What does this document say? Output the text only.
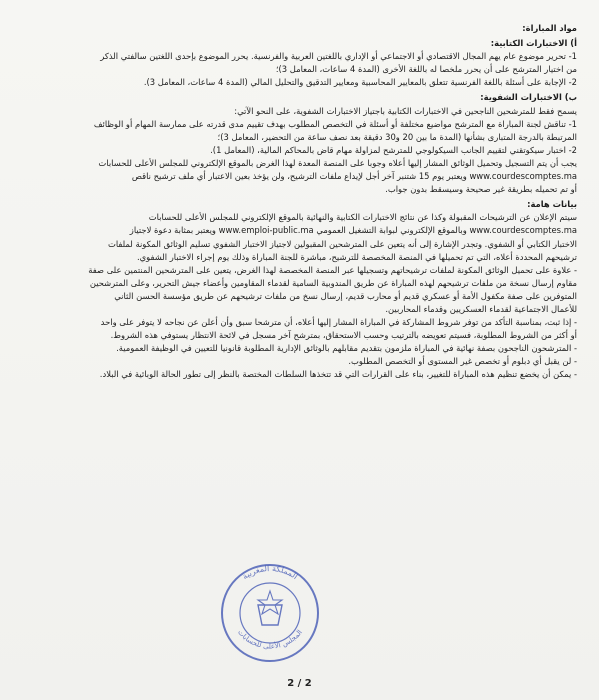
مواد المباراة:
أ) الاختبارات الكتابية:
1- تحرير موضوع عام يهم المجال الاقتصادي أو الاجتماعي أو الإداري باللغتين العربية والفرنسية. يحرر الموضوع بإحدى اللغتين سالفتي الذكر
من اختيار المترشح على أن يحرر ملخصا له باللغة الأخرى (المدة 4 ساعات، المعامل 3)؛
2- الإجابة على أسئلة باللغة الفرنسية تتعلق بالمعايير المحاسبية ومعايير التدقيق والتحليل المالي (المدة 4 ساعات، المعامل 3).
ب) الاختبارات الشفوية:
يسمح فقط للمترشحين الناجحين في الاختبارات الكتابية باجتياز الاختبارات الشفوية، على النحو الآتي:
1- تناقش لجنة المباراة مع المترشح مواضيع مختلفة أو أسئلة في التخصص المطلوب بهدف تقييم مدى قدرته على ممارسة المهام أو الوظائف
المرتبطة بالدرجة المتبارى بشأنها (المدة ما بين 20 و30 دقيقة بعد نصف ساعة من التحضير، المعامل 3)؛
2- اختبار سيكوتقني لتقييم الجانب السيكولوجي للمترشح لمزاولة مهام قاض بالمحاكم المالية، (المعامل 1).
يجب أن يتم التسجيل وتحميل الوثائق المشار إليها أعلاه وجوبا على المنصة المعدة لهذا الغرض بالموقع الإلكتروني للمجلس الأعلى للحسابات
www.courdescomptes.ma ويعتبر يوم 15 شتنبر آخر أجل لإيداع ملفات الترشيح، ولن يؤخذ بعين الاعتبار أي ملف ترشيح ناقص
أو تم تحميله بطريقة غير صحيحة وسيسقط بدون جواب.
بيانات هامة:
سيتم الإعلان عن الترشيحات المقبولة وكذا عن نتائج الاختبارات الكتابية والنهائية بالموقع الإلكتروني للمجلس الأعلى للحسابات
www.courdescomptes.ma وبالموقع الإلكتروني لبوابة التشغيل العمومي www.emploi-public.ma ويعتبر بمثابة دعوة لاجتياز
الاختبار الكتابي أو الشفوي. وتجدر الإشارة إلى أنه يتعين على المترشحين المقبولين لاجتياز الاختبار الشفوي تسليم الوثائق المكونة لملفات
ترشيحهم المحددة أعلاه، التي تم تحميلها في المنصة المخصصة للترشيح، مباشرة للجنة المباراة وذلك يوم إجراء الاختبار الشفوي.
- علاوة على تحميل الوثائق المكونة لملفات ترشيحاتهم وتسجيلها عبر المنصة المخصصة لهذا الغرض، يتعين على المترشحين المنتمين على صفة
مقاوم إرسال نسخة من ملفات ترشيحهم لهذه المباراة عن طريق المندوبية السامية لقدماء المقاومين وأعضاء جيش التحرير، وعلى المترشحين
المتوفرين على صفة مكفول الأمة أو عسكري قديم أو محارب قديم، إرسال نسخ من ملفات ترشيحهم عن طريق مؤسسة الحسن الثاني
للأعمال الاجتماعية لقدماء العسكريين وقدماء المحاربين.
- إذا ثبت، بمناسبة التأكد من توفر شروط المشاركة في المباراة المشار إليها أعلاه، أن مترشحا سبق وأن أعلن عن نجاحه لا يتوفر على واحد
أو أكثر من الشروط المطلوبة، فسيتم تعويضه بالترتيب وحسب الاستحقاق، بمترشح آخر مسجل في لائحة الانتظار يستوفي هذه الشروط.
- المترشحون الناجحون بصفة نهائية في المباراة ملزمون بتقديم مقابلهم بالوثائق الإدارية المطلوبة قانونيا للتعيين في الوظيفة العمومية.
- لن يقبل أي دبلوم أو تخصص غير المستوى أو التخصص المطلوب.
- يمكن أن يخضع تنظيم هذه المباراة للتغيير، بناء على القرارات التي قد تتخذها السلطات المختصة بالنظر إلى تطور الحالة الوبائية في البلاد.
المملكة المغربية
المجلس الأعلى للحسابات
2 / 2
